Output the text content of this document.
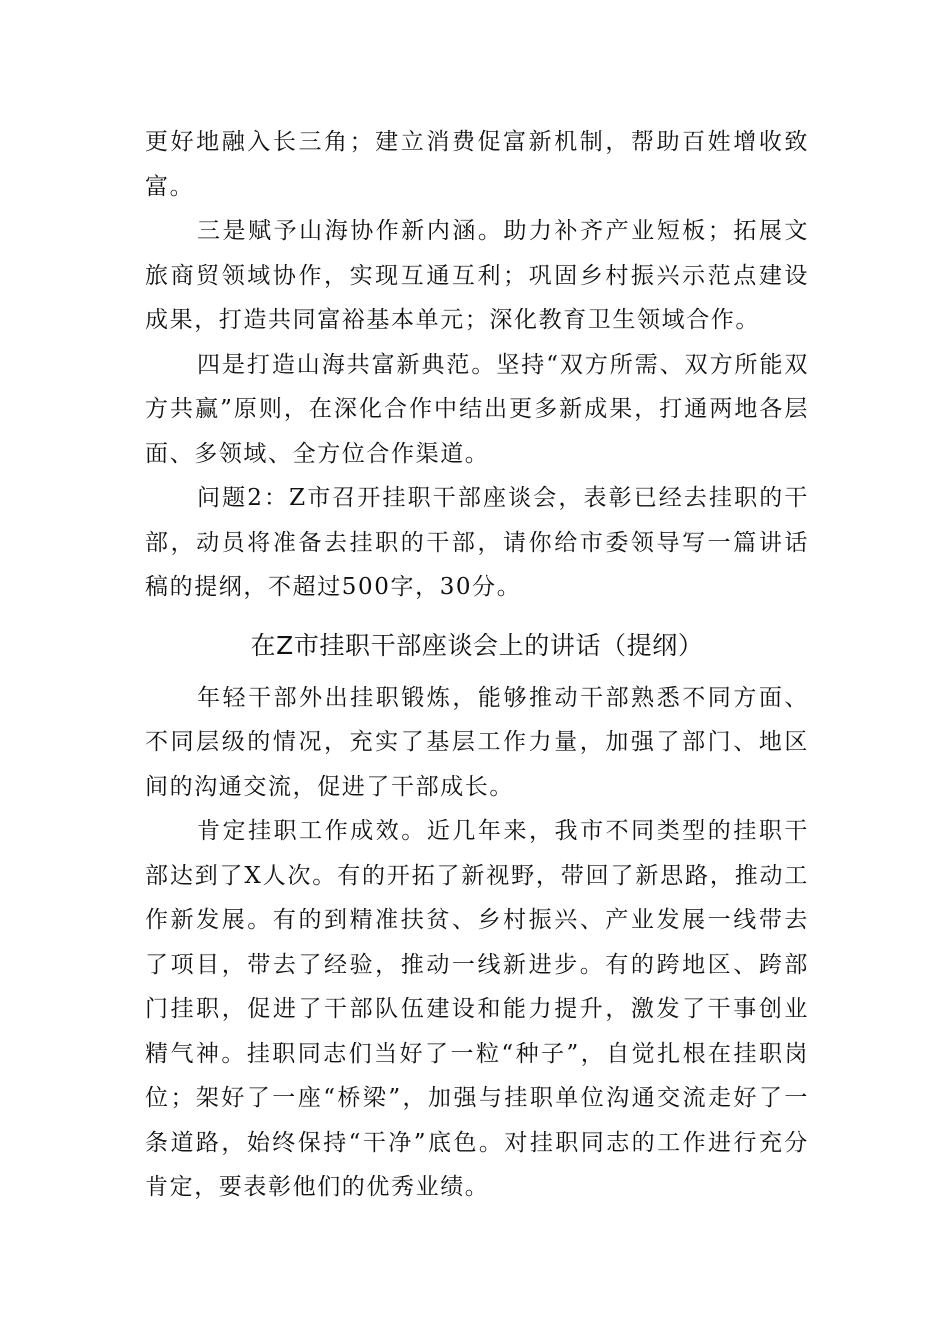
更好地融入长三角；建立消费促富新机制，帮助百姓增收致富。

三是赋予山海协作新内涵。助力补齐产业短板；拓展文旅商贸领域协作，实现互通互利；巩固乡村振兴示范点建设成果，打造共同富裕基本单元；深化教育卫生领域合作。

四是打造山海共富新典范。坚持“双方所需、双方所能双方共赢”原则，在深化合作中结出更多新成果，打通两地各层面、多领域、全方位合作渠道。

问题2：Z市召开挂职干部座谈会，表彰已经去挂职的干部，动员将准备去挂职的干部，请你给市委领导写一篇讲话稿的提纲，不超过500字，30分。

在Z市挂职干部座谈会上的讲话（提纲）

年轻干部外出挂职锻炼，能够推动干部熟悉不同方面、不同层级的情况，充实了基层工作力量，加强了部门、地区间的沟通交流，促进了干部成长。

肯定挂职工作成效。近几年来，我市不同类型的挂职干部达到了X人次。有的开拓了新视野，带回了新思路，推动工作新发展。有的到精准扶贫、乡村振兴、产业发展一线带去了项目，带去了经验，推动一线新进步。有的跨地区、跨部门挂职，促进了干部队伍建设和能力提升，激发了干事创业精气神。挂职同志们当好了一粒“种子”，自觉扎根在挂职岗位；架好了一座“桥梁”，加强与挂职单位沟通交流走好了一条道路，始终保持“干净”底色。对挂职同志的工作进行充分肯定，要表彰他们的优秀业绩。
